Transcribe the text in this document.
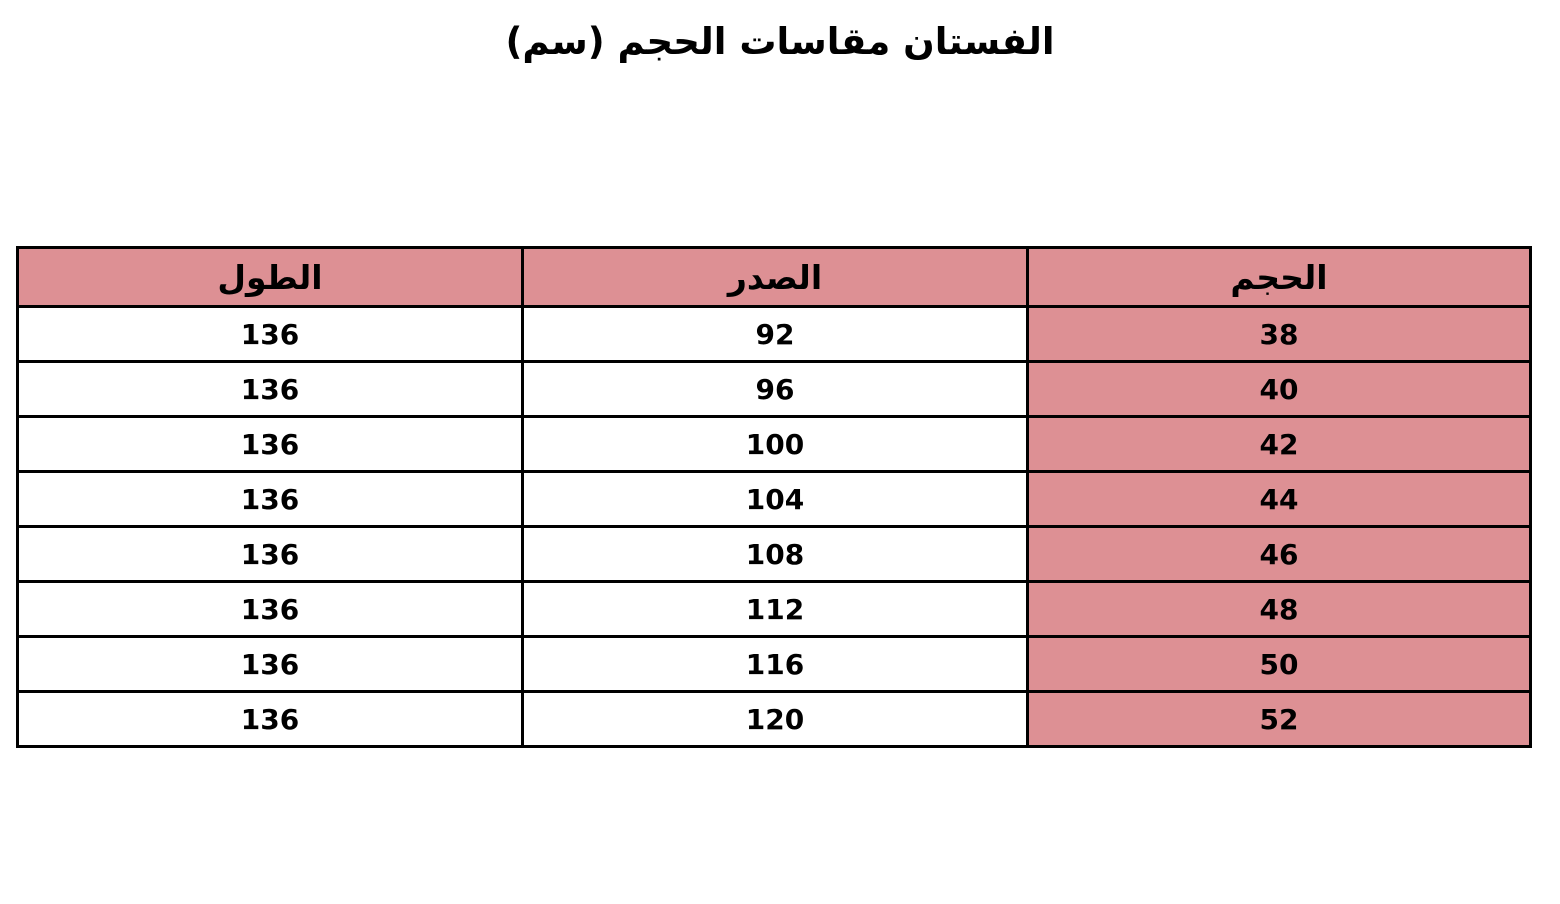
الفستان مقاسات الحجم (سم)
الحجم	الصدر	الطول
38	92	136
40	96	136
42	100	136
44	104	136
46	108	136
48	112	136
50	116	136
52	120	136
